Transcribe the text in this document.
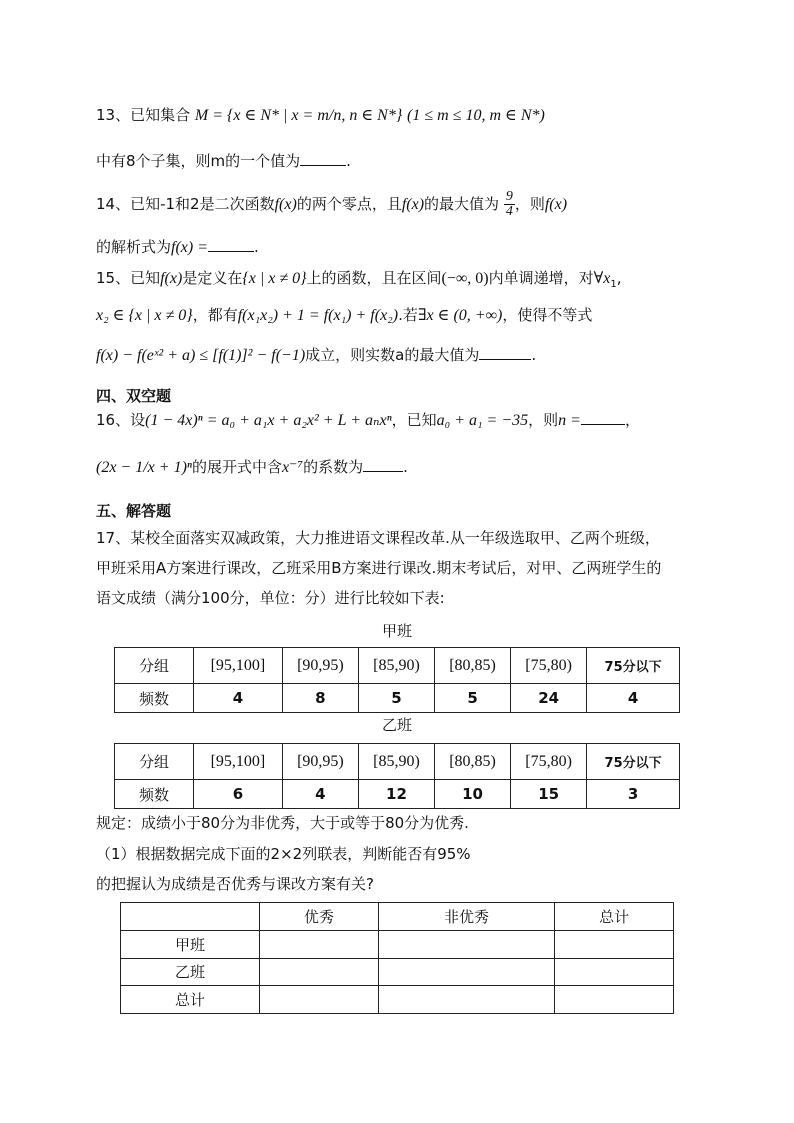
13、已知集合 M = {x ∈ N* | x = m/n, n ∈ N*} (1 ≤ m ≤ 10, m ∈ N*)
中有8个子集，则m的一个值为	.
14、已知-1和2是二次函数f(x)的两个零点，且f(x)的最大值为 $\frac{9}{4}$ ，则f(x)
的解析式为f(x) =	.
15、已知f(x)是定义在{x | x ≠ 0}上的函数，且在区间(−∞, 0)内单调递增，对$\forall x_1$,
x₂ ∈ {x | x ≠ 0}，都有f(x₁x₂) + 1 = f(x₁) + f(x₂).若∃x ∈ (0, +∞)，使得不等式
f(x) − f(eˣ² + a) ≤ [f(1)]² − f(−1)成立，则实数a的最大值为	.
四、双空题
16、设(1 − 4x)ⁿ = a₀ + a₁x + a₂x² + L + aₙxⁿ，已知a₀ + a₁ = −35，则n =	，
(2x − 1/x + 1)ⁿ的展开式中含x⁻⁷的系数为	.
五、解答题
17、某校全面落实双减政策，大力推进语文课程改革.从一年级选取甲、乙两个班级，
甲班采用A方案进行课改，乙班采用B方案进行课改.期末考试后，对甲、乙两班学生的
语文成绩（满分100分，单位：分）进行比较如下表:
甲班
分组	[95,100]	[90,95)	[85,90)	[80,85)	[75,80)	75分以下
频数	4	8	5	5	24	4
乙班
分组	[95,100]	[90,95)	[85,90)	[80,85)	[75,80)	75分以下
频数	6	4	12	10	15	3
规定：成绩小于80分为非优秀，大于或等于80分为优秀.
（1）根据数据完成下面的2×2列联表，判断能否有95%
的把握认为成绩是否优秀与课改方案有关?
	优秀	非优秀	总计
甲班			
乙班			
总计			
